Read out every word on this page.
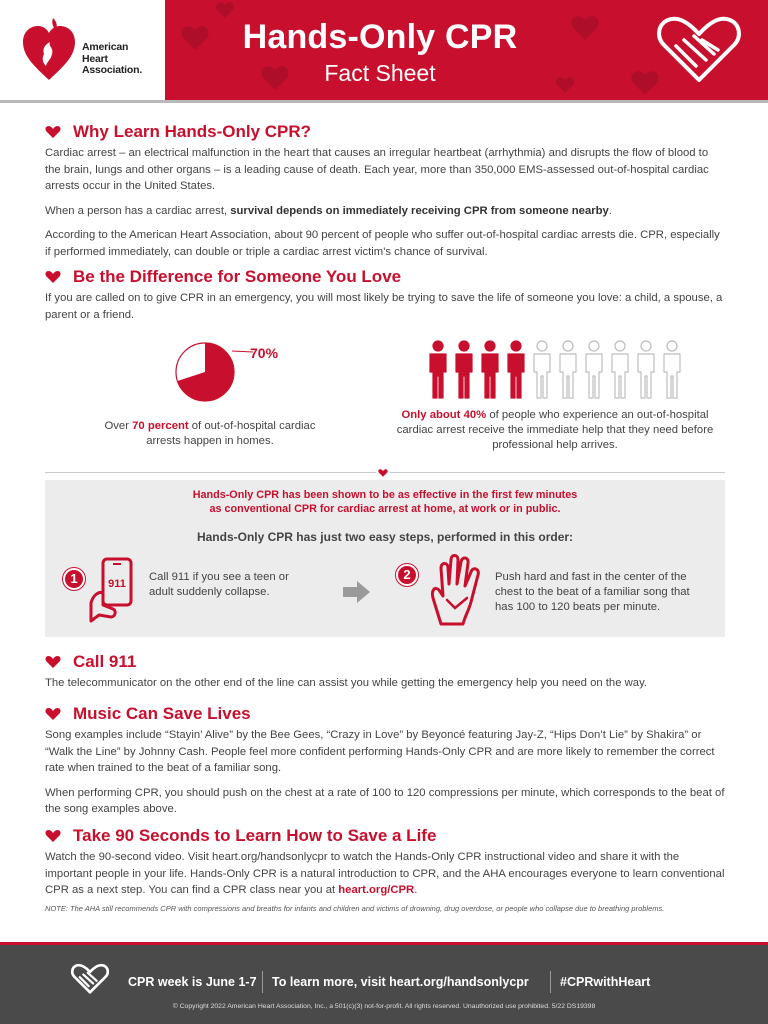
American
Heart
Association.
Hands-Only CPR
Fact Sheet
Why Learn Hands-Only CPR?

Cardiac arrest – an electrical malfunction in the heart that causes an irregular heartbeat (arrhythmia) and disrupts the flow of blood to the brain, lungs and other organs – is a leading cause of death. Each year, more than 350,000 EMS-assessed out-of-hospital cardiac arrests occur in the United States.

When a person has a cardiac arrest, survival depends on immediately receiving CPR from someone nearby.

According to the American Heart Association, about 90 percent of people who suffer out-of-hospital cardiac arrests die. CPR, especially if performed immediately, can double or triple a cardiac arrest victim's chance of survival.

Be the Difference for Someone You Love

If you are called on to give CPR in an emergency, you will most likely be trying to save the life of someone you love: a child, a spouse, a parent or a friend.

70%
Over 70 percent of out-of-hospital cardiac arrests happen in homes.
Only about 40% of people who experience an out-of-hospital cardiac arrest receive the immediate help that they need before professional help arrives.
Hands-Only CPR has been shown to be as effective in the first few minutes
as conventional CPR for cardiac arrest at home, at work or in public.
Hands-Only CPR has just two easy steps, performed in this order:
1	911
Call 911 if you see a teen or adult suddenly collapse.
2	Push hard and fast in the center of the chest to the beat of a familiar song that has 100 to 120 beats per minute.
Call 911

The telecommunicator on the other end of the line can assist you while getting the emergency help you need on the way.

Music Can Save Lives

Song examples include “Stayin’ Alive” by the Bee Gees, “Crazy in Love” by Beyoncé featuring Jay-Z, “Hips Don’t Lie” by Shakira” or “Walk the Line” by Johnny Cash. People feel more confident performing Hands-Only CPR and are more likely to remember the correct rate when trained to the beat of a familiar song.

When performing CPR, you should push on the chest at a rate of 100 to 120 compressions per minute, which corresponds to the beat of the song examples above.

Take 90 Seconds to Learn How to Save a Life

Watch the 90-second video. Visit heart.org/handsonlycpr to watch the Hands-Only CPR instructional video and share it with the important people in your life. Hands-Only CPR is a natural introduction to CPR, and the AHA encourages everyone to learn conventional CPR as a next step. You can find a CPR class near you at heart.org/CPR.

NOTE: The AHA still recommends CPR with compressions and breaths for infants and children and victims of drowning, drug overdose, or people who collapse due to breathing problems.

CPR week is June 1-7 To learn more, visit heart.org/handsonlycpr #CPRwithHeart
© Copyright 2022 American Heart Association, Inc., a 501(c)(3) not-for-profit. All rights reserved. Unauthorized use prohibited. 5/22 DS19398
